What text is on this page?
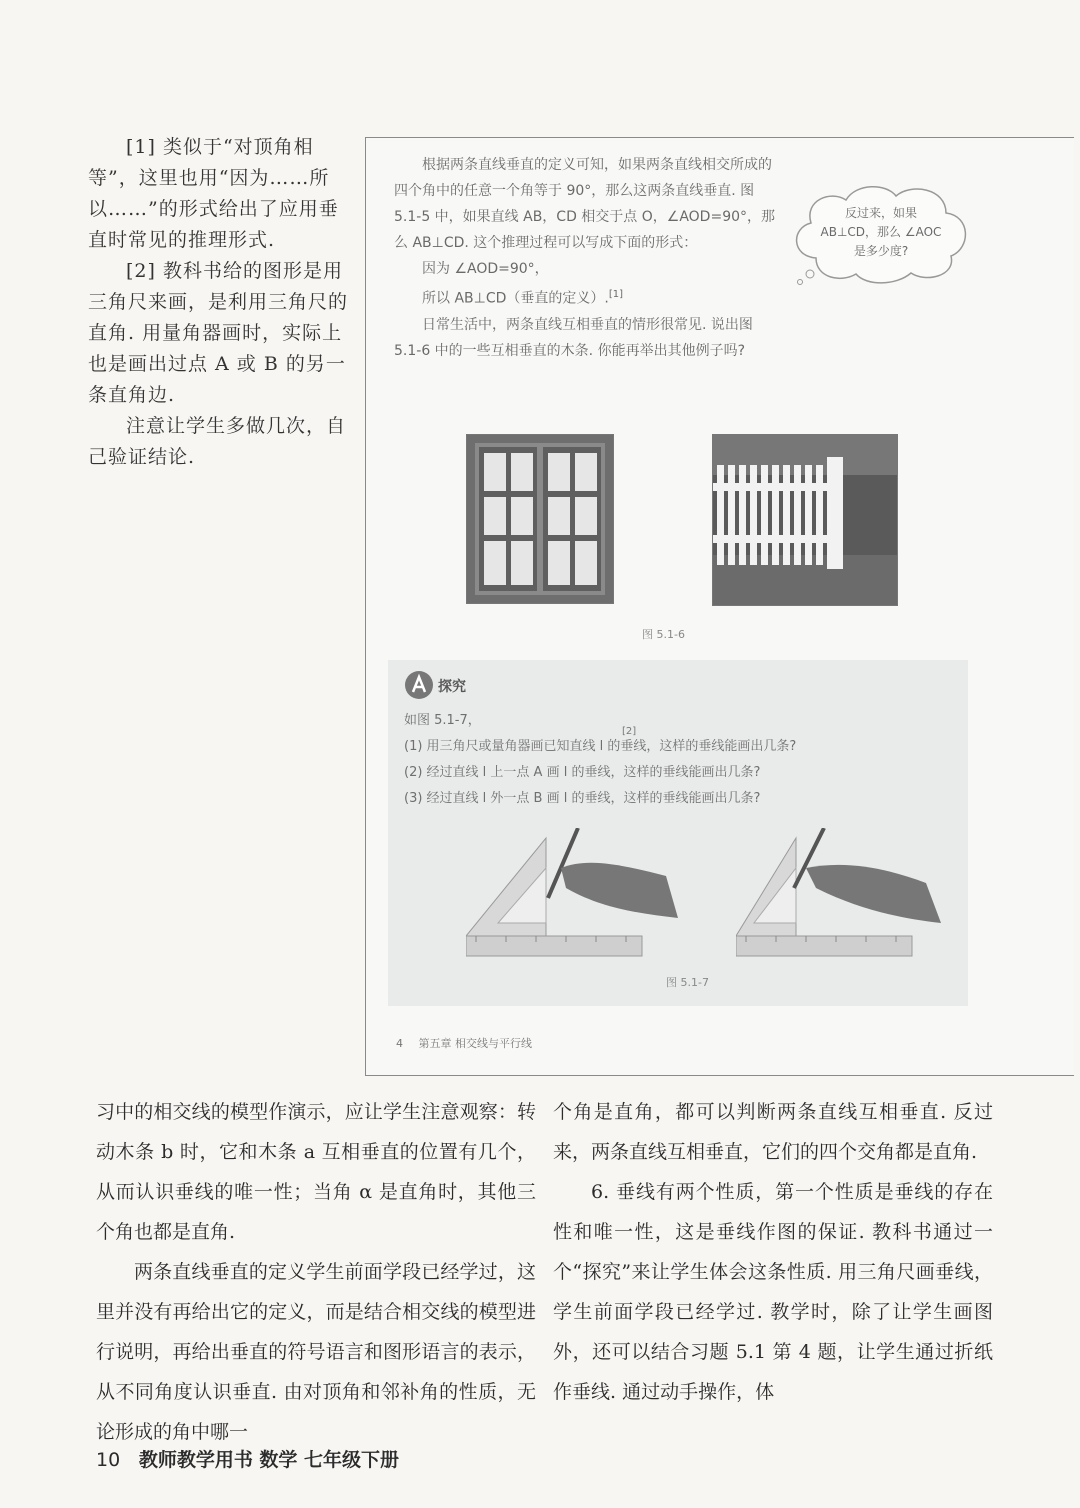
[1] 类似于“对顶角相等”，这里也用“因为……所以……”的形式给出了应用垂直时常见的推理形式.

[2] 教科书给的图形是用三角尺来画，是利用三角尺的直角. 用量角器画时，实际上也是画出过点 A 或 B 的另一条直角边.

注意让学生多做几次，自己验证结论.

根据两条直线垂直的定义可知，如果两条直线相交所成的四个角中的任意一个角等于 90°，那么这两条直线垂直. 图 5.1-5 中，如果直线 AB，CD 相交于点 O，∠AOD=90°，那么 AB⊥CD. 这个推理过程可以写成下面的形式：

因为 ∠AOD=90°，

所以 AB⊥CD（垂直的定义）.[1]

日常生活中，两条直线互相垂直的情形很常见. 说出图 5.1-6 中的一些互相垂直的木条. 你能再举出其他例子吗?

反过来，如果 AB⊥CD，那么 ∠AOC 是多少度?
图 5.1-6
探究

如图 5.1-7，

(1) 用三角尺或量角器画已知直线 l 的垂线，这样的垂线能画出几条?

(2) 经过直线 l 上一点 A 画 l 的垂线，这样的垂线能画出几条?

(3) 经过直线 l 外一点 B 画 l 的垂线，这样的垂线能画出几条?

[2]
图 5.1-7
4 第五章 相交线与平行线

习中的相交线的模型作演示，应让学生注意观察：转动木条 b 时，它和木条 a 互相垂直的位置有几个，从而认识垂线的唯一性；当角 α 是直角时，其他三个角也都是直角.

两条直线垂直的定义学生前面学段已经学过，这里并没有再给出它的定义，而是结合相交线的模型进行说明，再给出垂直的符号语言和图形语言的表示，从不同角度认识垂直. 由对顶角和邻补角的性质，无论形成的角中哪一

个角是直角，都可以判断两条直线互相垂直. 反过来，两条直线互相垂直，它们的四个交角都是直角.

6. 垂线有两个性质，第一个性质是垂线的存在性和唯一性，这是垂线作图的保证. 教科书通过一个“探究”来让学生体会这条性质. 用三角尺画垂线，学生前面学段已经学过. 教学时，除了让学生画图外，还可以结合习题 5.1 第 4 题，让学生通过折纸作垂线. 通过动手操作，体

10 教师教学用书 数学 七年级下册
